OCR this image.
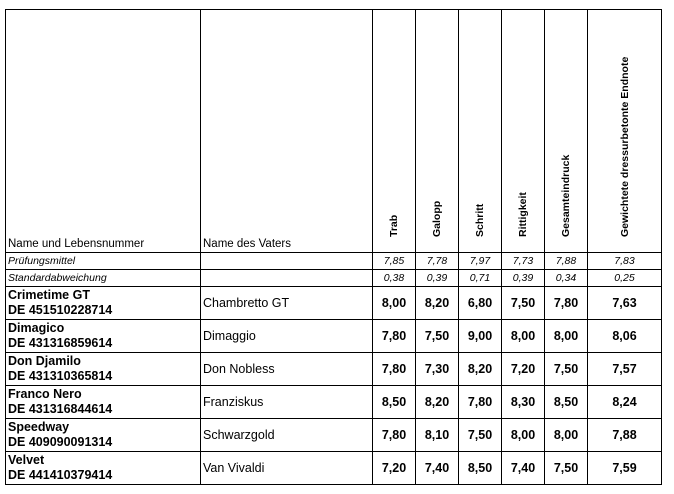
Name und Lebensnummer	Name des Vaters	Trab	Galopp	Schritt	Rittigkeit	Gesamteindruck	Gewichtete dressurbetonte Endnote

Prüfungsmittel		7,85	7,78	7,97	7,73	7,88	7,83
Standardabweichung		0,38	0,39	0,71	0,39	0,34	0,25

Crimetime GT
DE 451510228714	Chambretto GT	8,00	8,20	6,80	7,50	7,80	7,63

Dimagico
DE 431316859614	Dimaggio	7,80	7,50	9,00	8,00	8,00	8,06

Don Djamilo
DE 431310365814	Don Nobless	7,80	7,30	8,20	7,20	7,50	7,57

Franco Nero
DE 431316844614	Franziskus	8,50	8,20	7,80	8,30	8,50	8,24

Speedway
DE 409090091314	Schwarzgold	7,80	8,10	7,50	8,00	8,00	7,88

Velvet
DE 441410379414	Van Vivaldi	7,20	7,40	8,50	7,40	7,50	7,59
